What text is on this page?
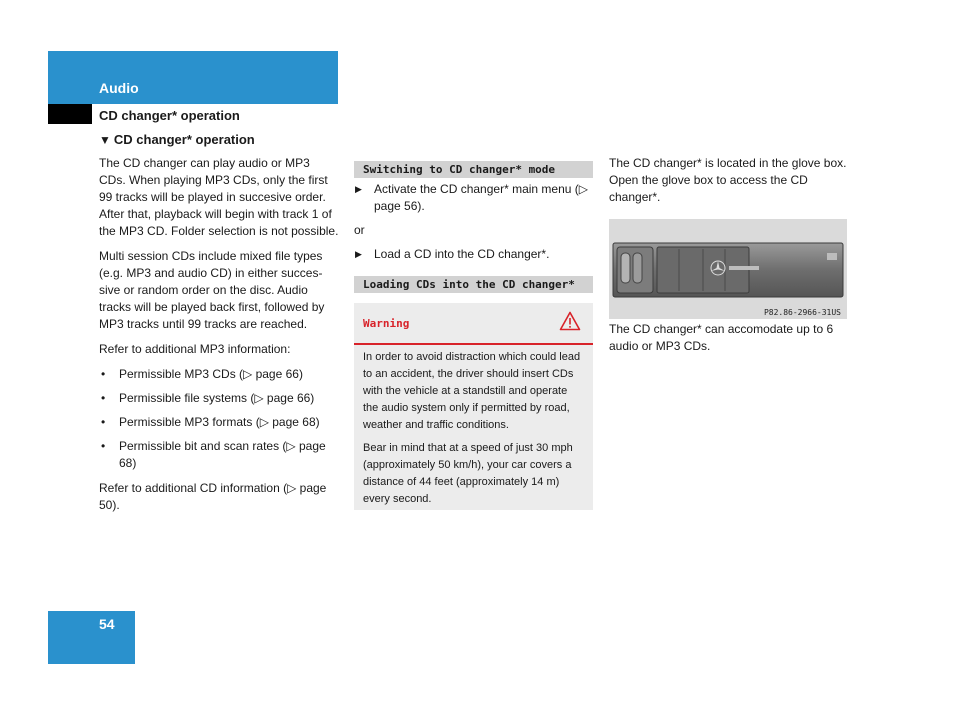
Audio
CD changer* operation
▼ CD changer* operation

The CD changer can play audio or MP3 CDs. When playing MP3 CDs, only the first 99 tracks will be played in succesive order. After that, playback will begin with track 1 of the MP3 CD. Folder selection is not possible.

Multi session CDs include mixed file types (e.g. MP3 and audio CD) in either succes- sive or random order on the disc. Audio tracks will be played back first, followed by MP3 tracks until 99 tracks are reached.

Refer to additional MP3 information:

• Permissible MP3 CDs (▷ page 66)
• Permissible file systems (▷ page 66)
• Permissible MP3 formats (▷ page 68)
• Permissible bit and scan rates (▷ page 68)

Refer to additional CD information (▷ page 50).

Switching to CD changer* mode
▶ Activate the CD changer* main menu (▷ page 56).
or
▶ Load a CD into the CD changer*.
Loading CDs into the CD changer*
Warning

In order to avoid distraction which could lead to an accident, the driver should insert CDs with the vehicle at a standstill and operate the audio system only if permitted by road, weather and traffic conditions.

Bear in mind that at a speed of just 30 mph (approximately 50 km/h), your car covers a distance of 44 feet (approximately 14 m) every second.

The CD changer* is located in the glove box. Open the glove box to access the CD changer*.
P82.86-2966-31US
The CD changer* can accomodate up to 6 audio or MP3 CDs.
54
